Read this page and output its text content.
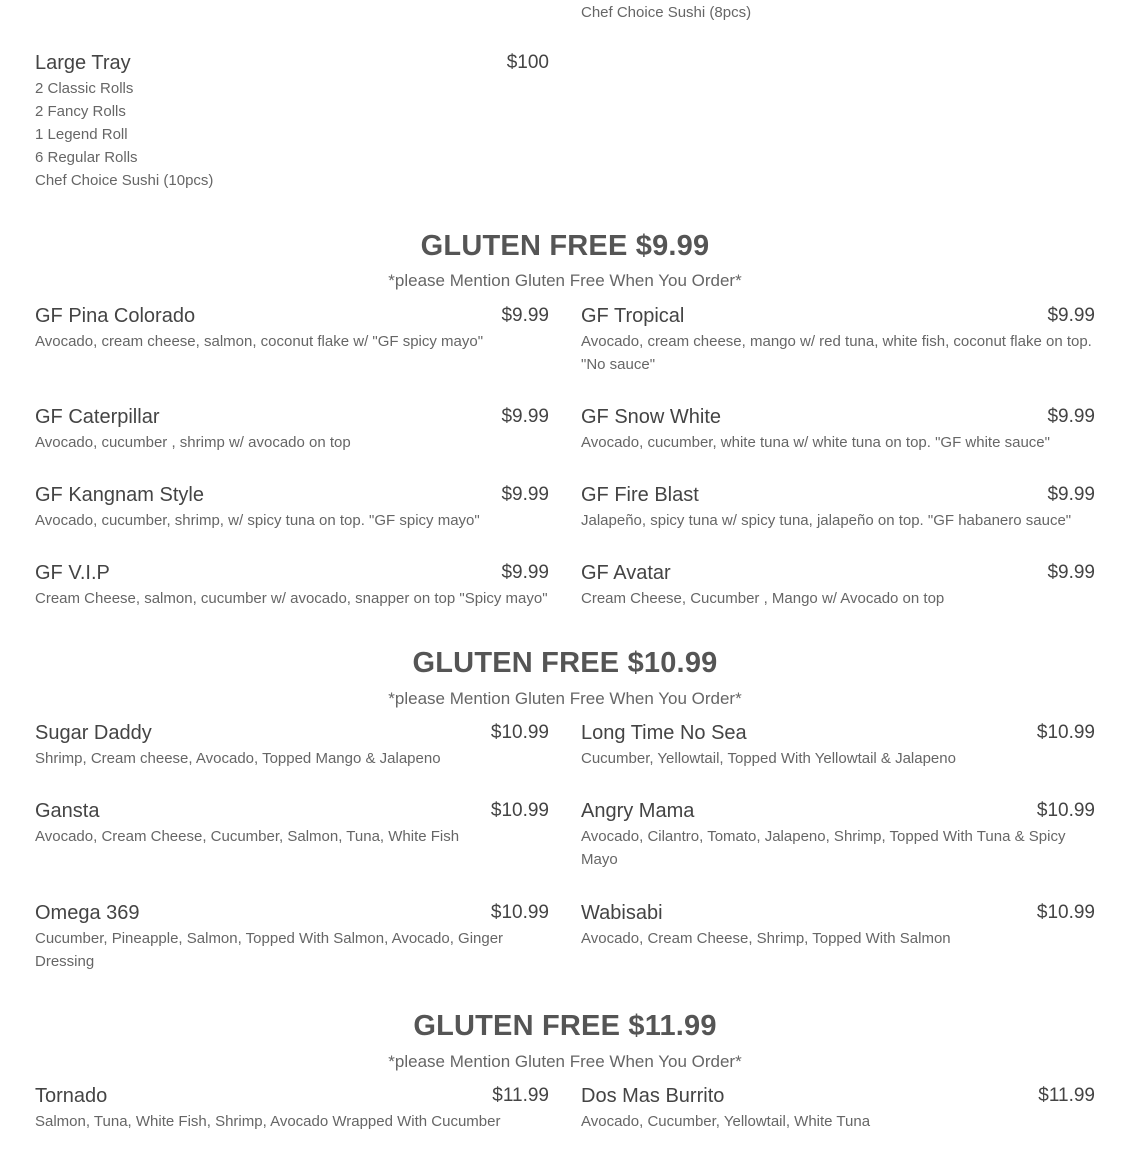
Chef Choice Sushi (8pcs)
Large Tray	$100
2 Classic Rolls
2 Fancy Rolls
1 Legend Roll
6 Regular Rolls
Chef Choice Sushi (10pcs)
GLUTEN FREE $9.99
*please Mention Gluten Free When You Order*
GF Pina Colorado	$9.99
Avocado, cream cheese, salmon, coconut flake w/ "GF spicy mayo"
GF Tropical	$9.99
Avocado, cream cheese, mango w/ red tuna, white fish, coconut flake on top. "No sauce"
GF Caterpillar	$9.99
Avocado, cucumber , shrimp w/ avocado on top
GF Snow White	$9.99
Avocado, cucumber, white tuna w/ white tuna on top. "GF white sauce"
GF Kangnam Style	$9.99
Avocado, cucumber, shrimp, w/ spicy tuna on top. "GF spicy mayo"
GF Fire Blast	$9.99
Jalapeño, spicy tuna w/ spicy tuna, jalapeño on top. "GF habanero sauce"
GF V.I.P	$9.99
Cream Cheese, salmon, cucumber w/ avocado, snapper on top "Spicy mayo"
GF Avatar	$9.99
Cream Cheese, Cucumber , Mango w/ Avocado on top
GLUTEN FREE $10.99
*please Mention Gluten Free When You Order*
Sugar Daddy	$10.99
Shrimp, Cream cheese, Avocado, Topped Mango & Jalapeno
Long Time No Sea	$10.99
Cucumber, Yellowtail, Topped With Yellowtail & Jalapeno
Gansta	$10.99
Avocado, Cream Cheese, Cucumber, Salmon, Tuna, White Fish
Angry Mama	$10.99
Avocado, Cilantro, Tomato, Jalapeno, Shrimp, Topped With Tuna & Spicy Mayo
Omega 369	$10.99
Cucumber, Pineapple, Salmon, Topped With Salmon, Avocado, Ginger Dressing
Wabisabi	$10.99
Avocado, Cream Cheese, Shrimp, Topped With Salmon
GLUTEN FREE $11.99
*please Mention Gluten Free When You Order*
Tornado	$11.99
Salmon, Tuna, White Fish, Shrimp, Avocado Wrapped With Cucumber
Dos Mas Burrito	$11.99
Avocado, Cucumber, Yellowtail, White Tuna
